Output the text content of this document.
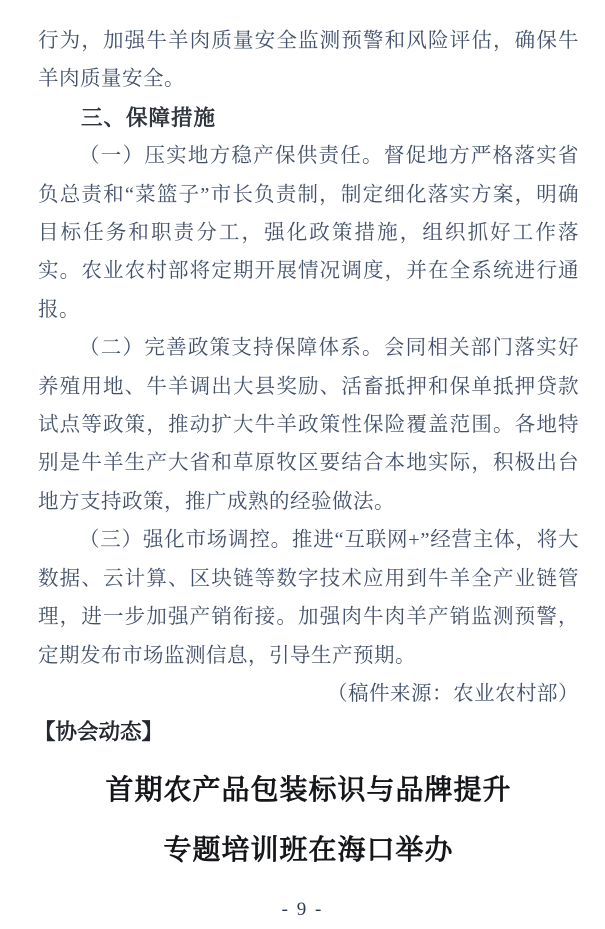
行为，加强牛羊肉质量安全监测预警和风险评估，确保牛羊肉质量安全。

三、保障措施

（一）压实地方稳产保供责任。督促地方严格落实省负总责和“菜篮子”市长负责制，制定细化落实方案，明确目标任务和职责分工，强化政策措施，组织抓好工作落实。农业农村部将定期开展情况调度，并在全系统进行通报。

（二）完善政策支持保障体系。会同相关部门落实好养殖用地、牛羊调出大县奖励、活畜抵押和保单抵押贷款试点等政策，推动扩大牛羊政策性保险覆盖范围。各地特别是牛羊生产大省和草原牧区要结合本地实际，积极出台地方支持政策，推广成熟的经验做法。

（三）强化市场调控。推进“互联网+”经营主体，将大数据、云计算、区块链等数字技术应用到牛羊全产业链管理，进一步加强产销衔接。加强肉牛肉羊产销监测预警，定期发布市场监测信息，引导生产预期。

（稿件来源：农业农村部）

【协会动态】

首期农产品包装标识与品牌提升
专题培训班在海口举办
- 9 -
